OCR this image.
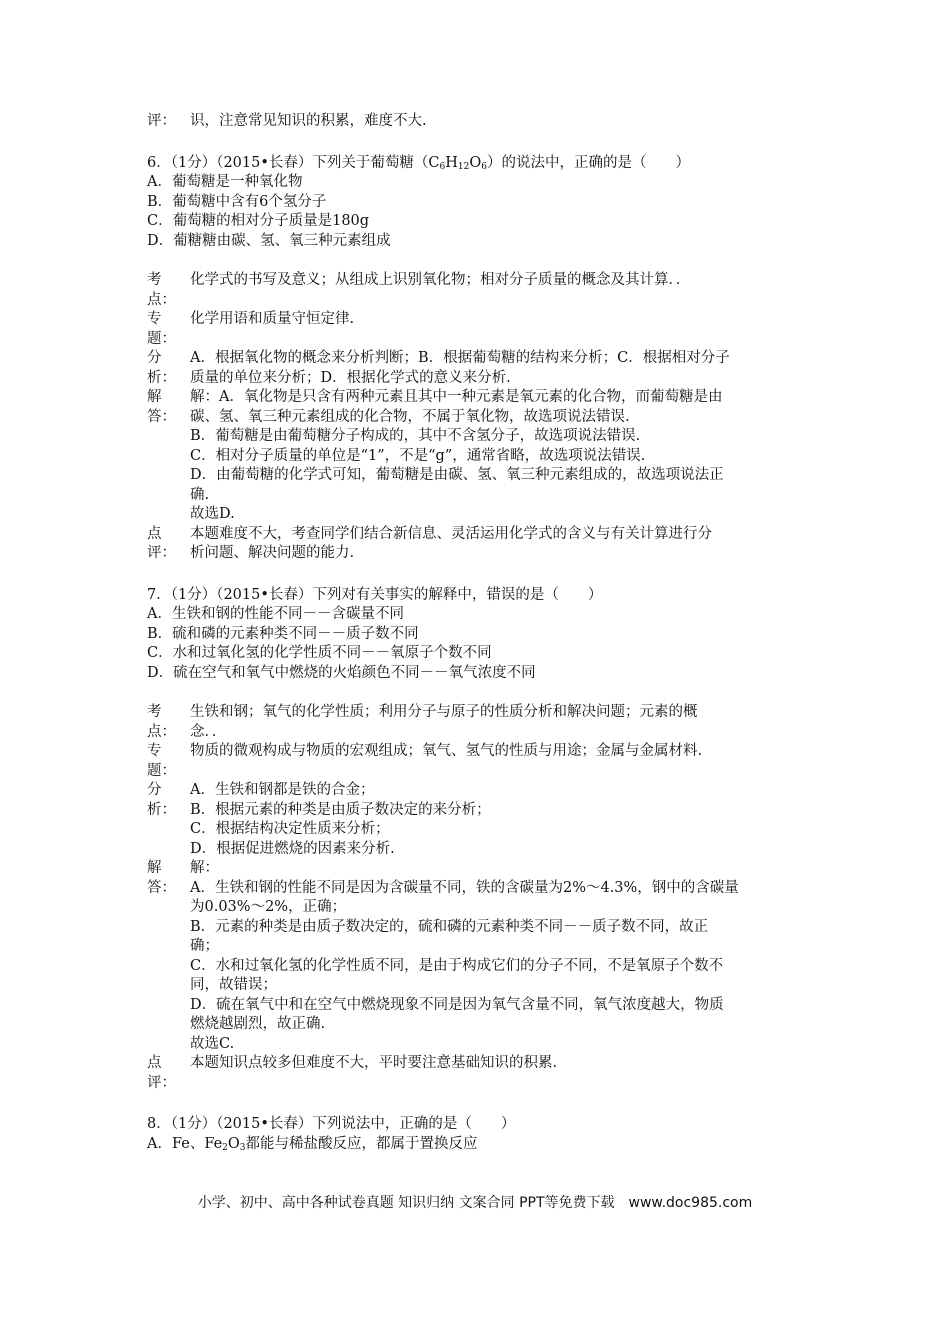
评： 识，注意常见知识的积累，难度不大.
6．（1分）（2015•长春）下列关于葡萄糖$(C_6H_{12}O_6)$的说法中，正确的是（　　）
A．葡萄糖是一种氧化物
B．葡萄糖中含有6个氢分子
C．葡萄糖的相对分子质量是180g
D．葡糖糖由碳、氢、氧三种元素组成
考	化学式的书写及意义；从组成上识别氧化物；相对分子质量的概念及其计算．．
点：
专	化学用语和质量守恒定律.
题：
分	A．根据氧化物的概念来分析判断；B．根据葡萄糖的结构来分析；C．根据相对分子
析： 质量的单位来分析；D．根据化学式的意义来分析.
解	解：A．氧化物是只含有两种元素且其中一种元素是氧元素的化合物，而葡萄糖是由
答： 碳、氢、氧三种元素组成的化合物，不属于氧化物，故选项说法错误.
B．葡萄糖是由葡萄糖分子构成的，其中不含氢分子，故选项说法错误.
C．相对分子质量的单位是“1”，不是“g”，通常省略，故选项说法错误.
D．由葡萄糖的化学式可知，葡萄糖是由碳、氢、氧三种元素组成的，故选项说法正
确.
故选D.
点	本题难度不大，考查同学们结合新信息、灵活运用化学式的含义与有关计算进行分
评： 析问题、解决问题的能力.
7．（1分）（2015•长春）下列对有关事实的解释中，错误的是（　　）
A．生铁和钢的性能不同－－含碳量不同
B．硫和磷的元素种类不同－－质子数不同
C．水和过氧化氢的化学性质不同－－氧原子个数不同
D．硫在空气和氧气中燃烧的火焰颜色不同－－氧气浓度不同
考	生铁和钢；氧气的化学性质；利用分子与原子的性质分析和解决问题；元素的概
点： 念．．
专	物质的微观构成与物质的宏观组成；氧气、氢气的性质与用途；金属与金属材料.
题：
分	A．生铁和钢都是铁的合金；
析： B．根据元素的种类是由质子数决定的来分析；
C．根据结构决定性质来分析；
D．根据促进燃烧的因素来分析.
解	解：
答： A．生铁和钢的性能不同是因为含碳量不同，铁的含碳量为2%～4.3%，钢中的含碳量
为0.03%～2%，正确；
B．元素的种类是由质子数决定的，硫和磷的元素种类不同－－质子数不同，故正
确；
C．水和过氧化氢的化学性质不同，是由于构成它们的分子不同，不是氧原子个数不
同，故错误；
D．硫在氧气中和在空气中燃烧现象不同是因为氧气含量不同，氧气浓度越大，物质
燃烧越剧烈，故正确.
故选C.
点	本题知识点较多但难度不大，平时要注意基础知识的积累.
评：
8．（1分）（2015•长春）下列说法中，正确的是（　　）
A．Fe、$Fe_2O_3$都能与稀盐酸反应，都属于置换反应
小学、初中、高中各种试卷真题 知识归纳 文案合同 PPT等免费下载　www.doc985.com
